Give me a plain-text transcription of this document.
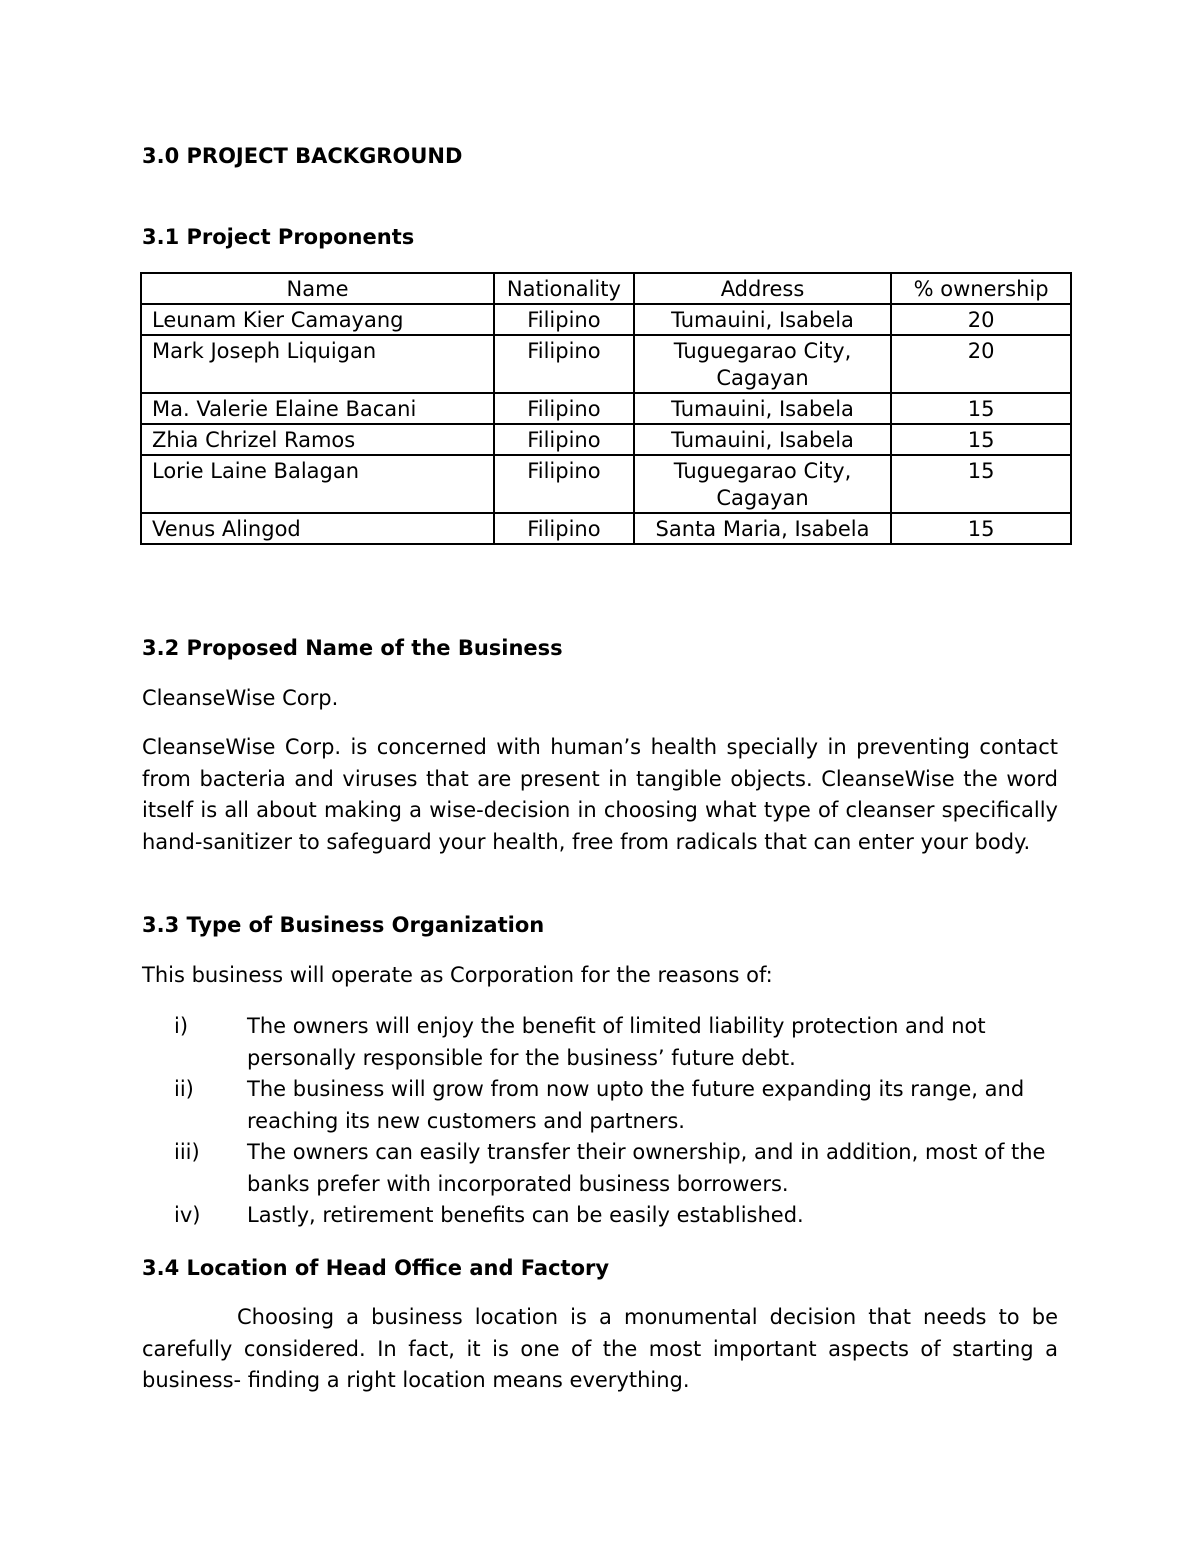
3.0 PROJECT BACKGROUND
3.1 Project Proponents
Name	Nationality	Address	% ownership
Leunam Kier Camayang	Filipino	Tumauini, Isabela	20
Mark Joseph Liquigan	Filipino	Tuguegarao City, Cagayan	20
Ma. Valerie Elaine Bacani	Filipino	Tumauini, Isabela	15
Zhia Chrizel Ramos	Filipino	Tumauini, Isabela	15
Lorie Laine Balagan	Filipino	Tuguegarao City, Cagayan	15
Venus Alingod	Filipino	Santa Maria, Isabela	15
3.2 Proposed Name of the Business
CleanseWise Corp.
CleanseWise Corp. is concerned with human’s health specially in preventing contact from bacteria and viruses that are present in tangible objects. CleanseWise the word itself is all about making a wise-decision in choosing what type of cleanser specifically hand-sanitizer to safeguard your health, free from radicals that can enter your body.
3.3 Type of Business Organization
This business will operate as Corporation for the reasons of:
i)	The owners will enjoy the benefit of limited liability protection and not personally responsible for the business’ future debt.
ii)	The business will grow from now upto the future expanding its range, and reaching its new customers and partners.
iii)	The owners can easily transfer their ownership, and in addition, most of the banks prefer with incorporated business borrowers.
iv)	Lastly, retirement benefits can be easily established.
3.4 Location of Head Office and Factory
Choosing a business location is a monumental decision that needs to be carefully considered. In fact, it is one of the most important aspects of starting a business- finding a right location means everything.
